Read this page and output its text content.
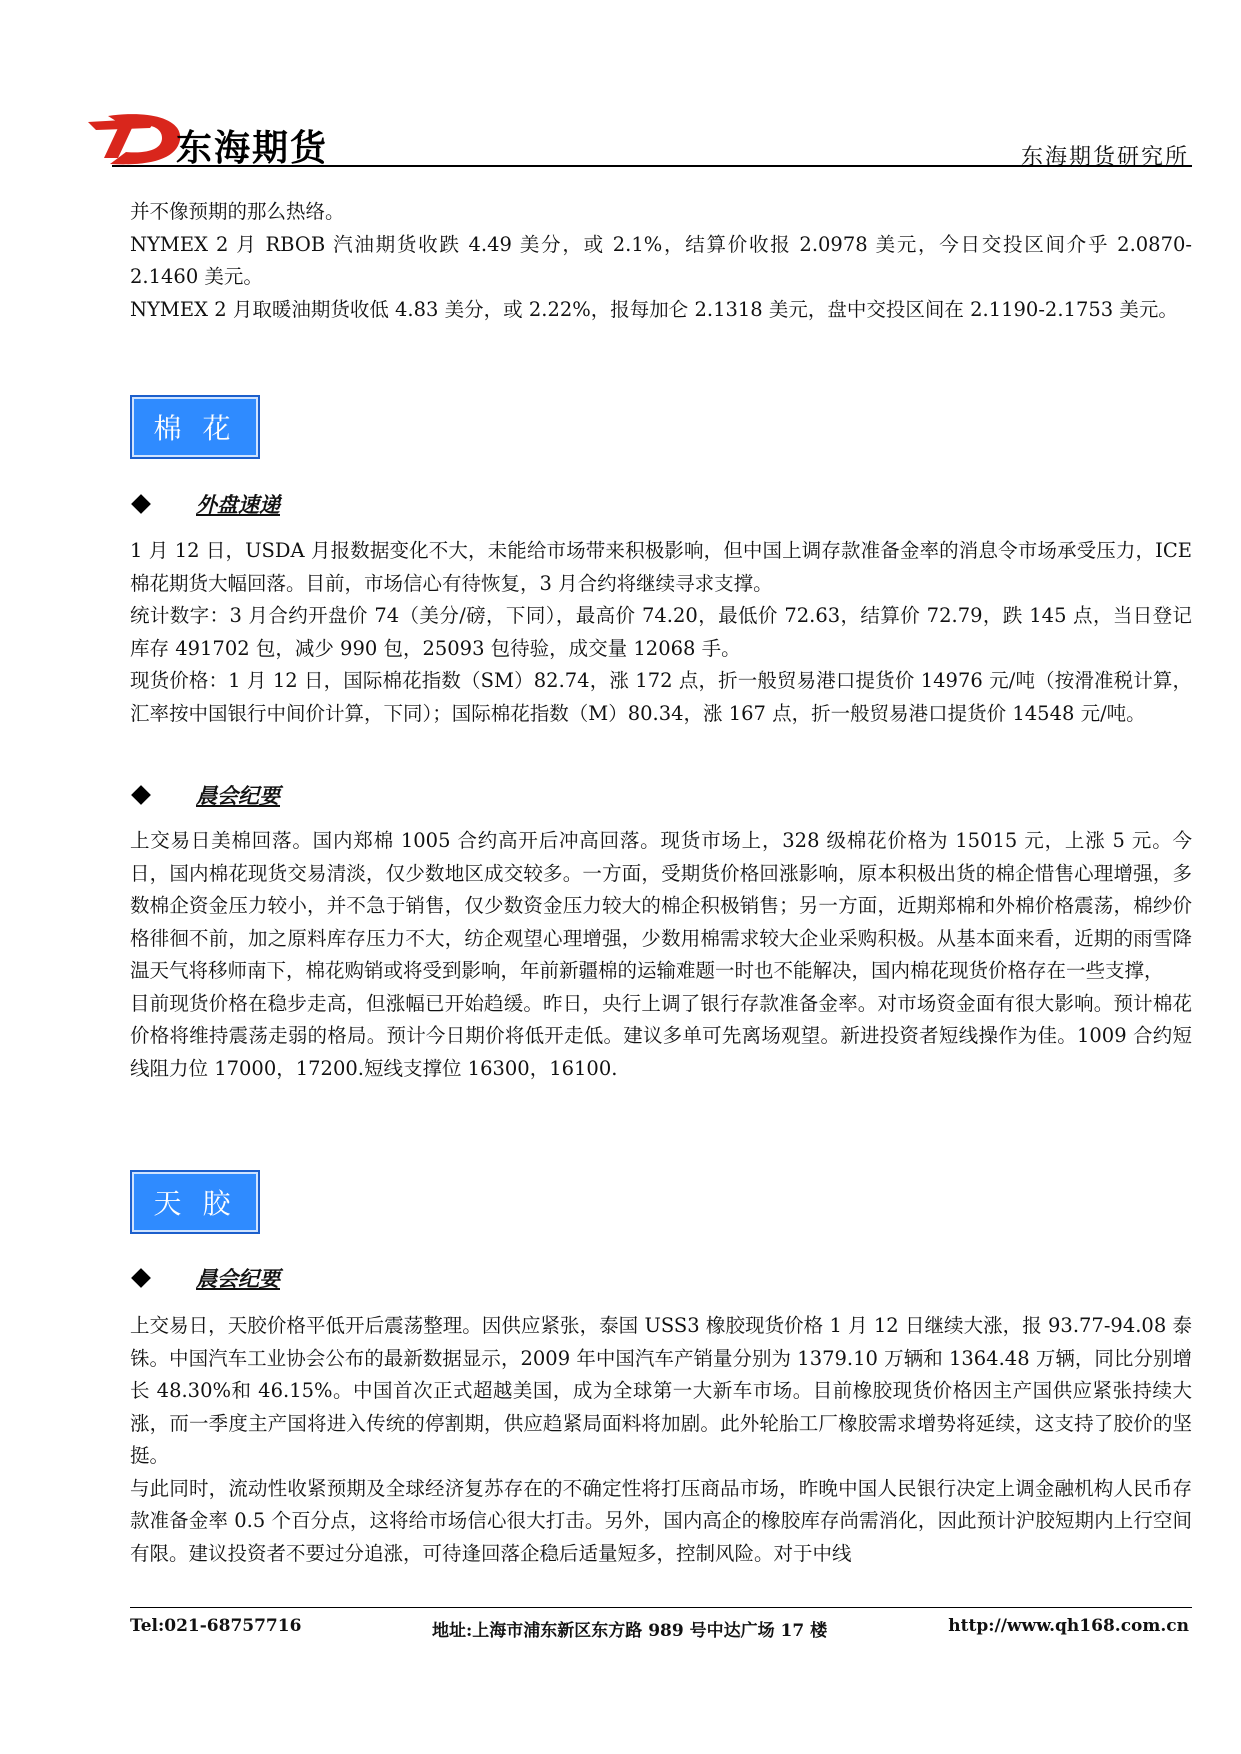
东海期货	东海期货研究所

并不像预期的那么热络。

NYMEX 2 月 RBOB 汽油期货收跌 4.49 美分，或 2.1%，结算价收报 2.0978 美元，今日交投区间介乎 2.0870-2.1460 美元。

NYMEX 2 月取暖油期货收低 4.83 美分，或 2.22%，报每加仑 2.1318 美元，盘中交投区间在 2.1190-2.1753 美元。

棉 花
外盘速递

1 月 12 日，USDA 月报数据变化不大，未能给市场带来积极影响，但中国上调存款准备金率的消息令市场承受压力，ICE 棉花期货大幅回落。目前，市场信心有待恢复，3 月合约将继续寻求支撑。

统计数字：3 月合约开盘价 74（美分/磅，下同），最高价 74.20，最低价 72.63，结算价 72.79，跌 145 点，当日登记库存 491702 包，减少 990 包，25093 包待验，成交量 12068 手。

现货价格：1 月 12 日，国际棉花指数（SM）82.74，涨 172 点，折一般贸易港口提货价 14976 元/吨（按滑准税计算，汇率按中国银行中间价计算，下同）；国际棉花指数（M）80.34，涨 167 点，折一般贸易港口提货价 14548 元/吨。

晨会纪要

上交易日美棉回落。国内郑棉 1005 合约高开后冲高回落。现货市场上，328 级棉花价格为 15015 元，上涨 5 元。今日，国内棉花现货交易清淡，仅少数地区成交较多。一方面，受期货价格回涨影响，原本积极出货的棉企惜售心理增强，多数棉企资金压力较小，并不急于销售，仅少数资金压力较大的棉企积极销售；另一方面，近期郑棉和外棉价格震荡，棉纱价格徘徊不前，加之原料库存压力不大，纺企观望心理增强，少数用棉需求较大企业采购积极。从基本面来看，近期的雨雪降温天气将移师南下，棉花购销或将受到影响，年前新疆棉的运输难题一时也不能解决，国内棉花现货价格存在一些支撑，

目前现货价格在稳步走高，但涨幅已开始趋缓。昨日，央行上调了银行存款准备金率。对市场资金面有很大影响。预计棉花价格将维持震荡走弱的格局。预计今日期价将低开走低。建议多单可先离场观望。新进投资者短线操作为佳。1009 合约短线阻力位 17000，17200.短线支撑位 16300，16100.

天 胶
晨会纪要

上交易日，天胶价格平低开后震荡整理。因供应紧张，泰国 USS3 橡胶现货价格 1 月 12 日继续大涨，报 93.77-94.08 泰铢。中国汽车工业协会公布的最新数据显示，2009 年中国汽车产销量分别为 1379.10 万辆和 1364.48 万辆，同比分别增长 48.30%和 46.15%。中国首次正式超越美国，成为全球第一大新车市场。目前橡胶现货价格因主产国供应紧张持续大涨，而一季度主产国将进入传统的停割期，供应趋紧局面料将加剧。此外轮胎工厂橡胶需求增势将延续，这支持了胶价的坚挺。

与此同时，流动性收紧预期及全球经济复苏存在的不确定性将打压商品市场，昨晚中国人民银行决定上调金融机构人民币存款准备金率 0.5 个百分点，这将给市场信心很大打击。另外，国内高企的橡胶库存尚需消化，因此预计沪胶短期内上行空间有限。建议投资者不要过分追涨，可待逢回落企稳后适量短多，控制风险。对于中线

Tel:021-68757716	地址:上海市浦东新区东方路 989 号中达广场 17 楼	http://www.qh168.com.cn
